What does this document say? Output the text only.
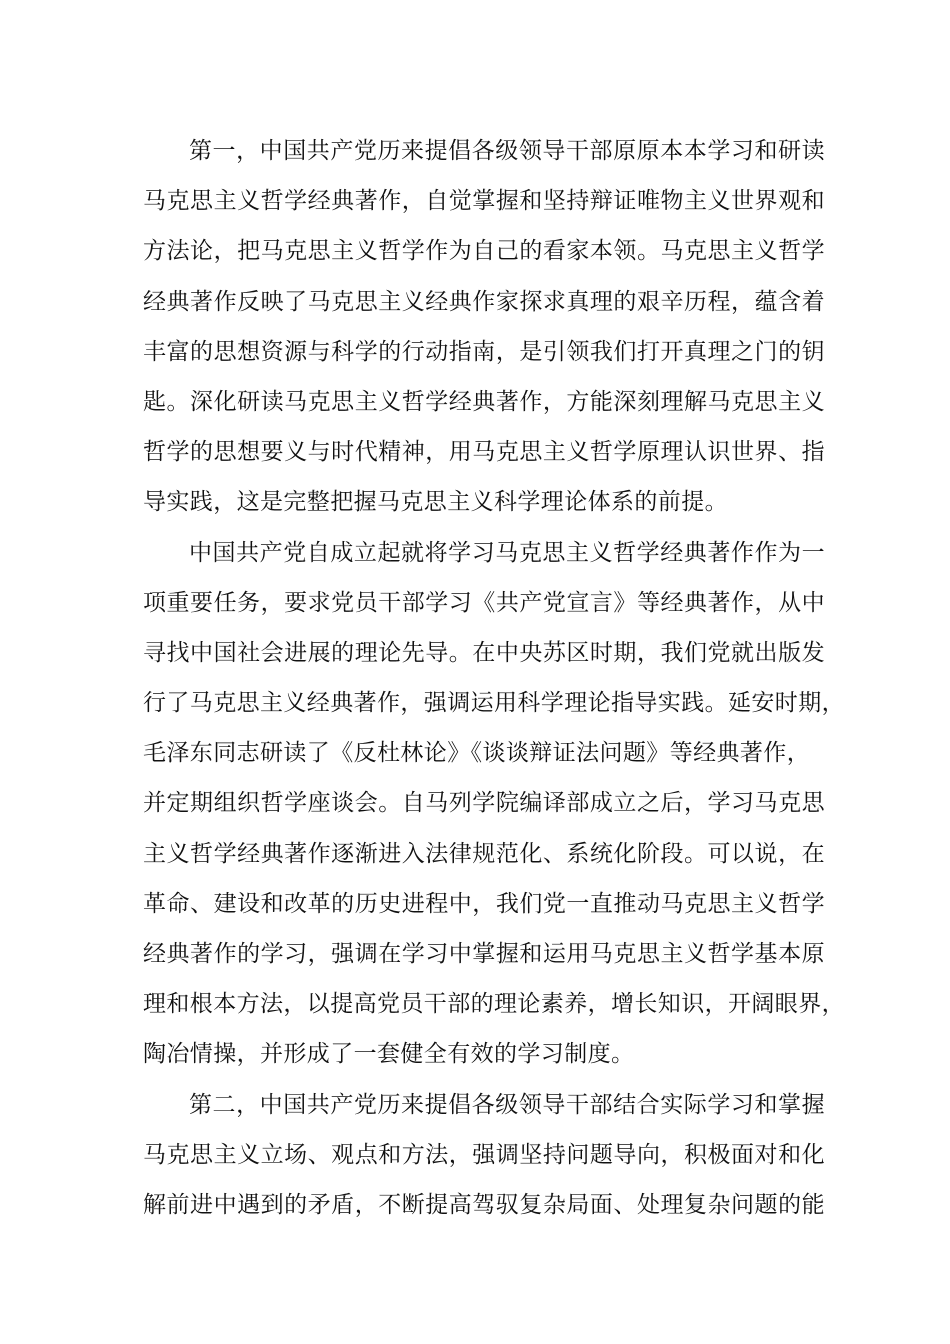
第一，中国共产党历来提倡各级领导干部原原本本学习和研读
马克思主义哲学经典著作，自觉掌握和坚持辩证唯物主义世界观和
方法论，把马克思主义哲学作为自己的看家本领。马克思主义哲学
经典著作反映了马克思主义经典作家探求真理的艰辛历程，蕴含着
丰富的思想资源与科学的行动指南，是引领我们打开真理之门的钥
匙。深化研读马克思主义哲学经典著作，方能深刻理解马克思主义
哲学的思想要义与时代精神，用马克思主义哲学原理认识世界、指
导实践，这是完整把握马克思主义科学理论体系的前提。
中国共产党自成立起就将学习马克思主义哲学经典著作作为一
项重要任务，要求党员干部学习《共产党宣言》等经典著作，从中
寻找中国社会进展的理论先导。在中央苏区时期，我们党就出版发
行了马克思主义经典著作，强调运用科学理论指导实践。延安时期，
毛泽东同志研读了《反杜林论》《谈谈辩证法问题》等经典著作，
并定期组织哲学座谈会。自马列学院编译部成立之后，学习马克思
主义哲学经典著作逐渐进入法律规范化、系统化阶段。可以说，在
革命、建设和改革的历史进程中，我们党一直推动马克思主义哲学
经典著作的学习，强调在学习中掌握和运用马克思主义哲学基本原
理和根本方法，以提高党员干部的理论素养，增长知识，开阔眼界，
陶冶情操，并形成了一套健全有效的学习制度。
第二，中国共产党历来提倡各级领导干部结合实际学习和掌握
马克思主义立场、观点和方法，强调坚持问题导向，积极面对和化
解前进中遇到的矛盾，不断提高驾驭复杂局面、处理复杂问题的能
